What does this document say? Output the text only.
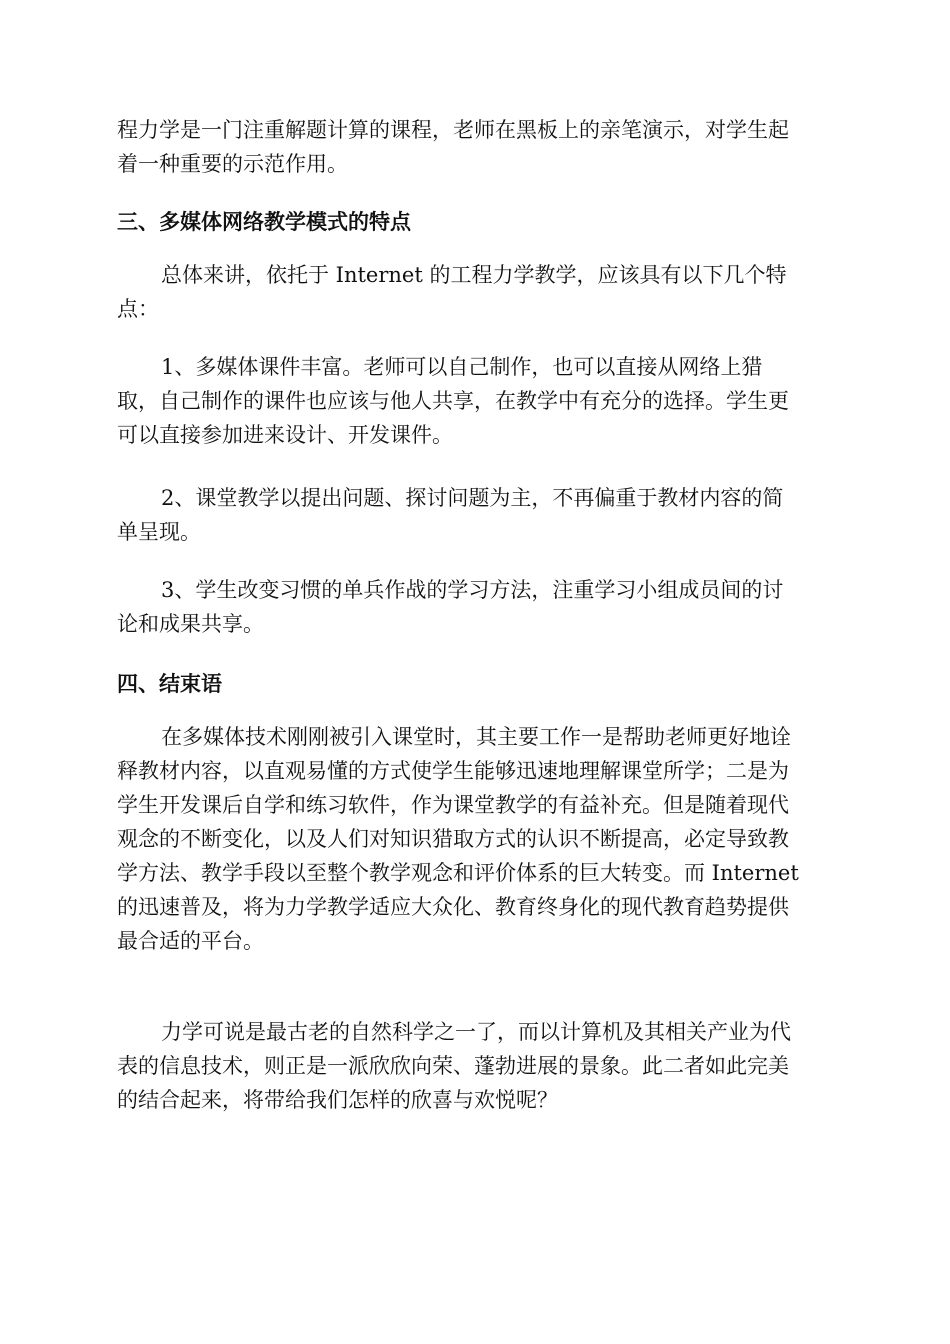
程力学是一门注重解题计算的课程，老师在黑板上的亲笔演示，对学生起
着一种重要的示范作用。

三、多媒体网络教学模式的特点

总体来讲，依托于 Internet 的工程力学教学，应该具有以下几个特
点：

1、多媒体课件丰富。老师可以自己制作，也可以直接从网络上猎
取，自己制作的课件也应该与他人共享，在教学中有充分的选择。学生更
可以直接参加进来设计、开发课件。

2、课堂教学以提出问题、探讨问题为主，不再偏重于教材内容的简
单呈现。

3、学生改变习惯的单兵作战的学习方法，注重学习小组成员间的讨
论和成果共享。

四、结束语

在多媒体技术刚刚被引入课堂时，其主要工作一是帮助老师更好地诠
释教材内容，以直观易懂的方式使学生能够迅速地理解课堂所学；二是为
学生开发课后自学和练习软件，作为课堂教学的有益补充。但是随着现代
观念的不断变化，以及人们对知识猎取方式的认识不断提高，必定导致教
学方法、教学手段以至整个教学观念和评价体系的巨大转变。而 Internet
的迅速普及，将为力学教学适应大众化、教育终身化的现代教育趋势提供
最合适的平台。

力学可说是最古老的自然科学之一了，而以计算机及其相关产业为代
表的信息技术，则正是一派欣欣向荣、蓬勃进展的景象。此二者如此完美
的结合起来，将带给我们怎样的欣喜与欢悦呢？
